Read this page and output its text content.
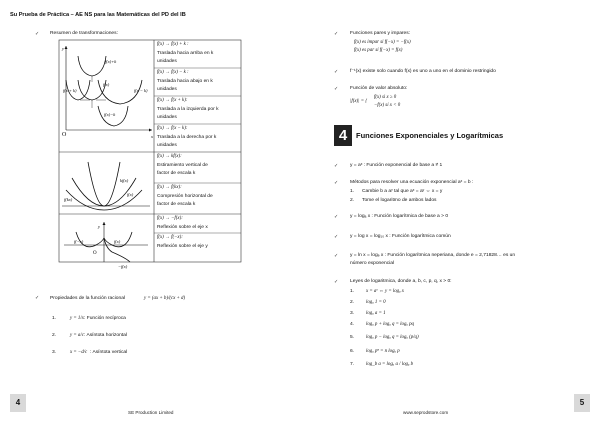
Su Prueba de Práctica – AE NS para las Matemáticas del PD del IB
✓ Resumen de transformaciones:
f(x)+k
f(x)
f(x + k)	f(x − k)
f(x)−k
O	x
y
kf(x)
f(x)
f(kx)
f(−x)	f(x)
−f(x)
O
y
f(x) → f(x) + k :
Traslada hacia arriba en k
unidades
f(x) → f(x) − k :
Traslada hacia abajo en k
unidades
f(x) → f(x + k):
Traslada a la izquierda por k
unidades
f(x) → f(x − k):
Traslada a la derecha por k
unidades
f(x) → kf(x):
Estiramiento vertical de
factor de escala k
f(x) → f(kx):
Compresión horizontal de
factor de escala k
f(x) → −f(x):
Reflexión sobre el eje x
f(x) → f(−x):
Reflexión sobre el eje y
✓ Propiedades de la función racional	y = (ax + b)/(cx + d)
1.	y = 1/x : Función recíproca
2.	y = a/c : Asíntota horizontal
3.	x = −d/c : Asíntota vertical
4
SE Production Limited
✓ Funciones pares y impares:
f(x) es impar si f(−x) = −f(x)
f(x) es par si f(−x) = f(x)
✓ f⁻¹(x) existe solo cuando f(x) es uno a uno en el dominio restringido
✓ Función de valor absoluto:
|f(x)| = {
f(x) si x ≥ 0
−f(x) si x < 0
4	Funciones Exponenciales y Logarítmicas
✓ y = aˣ : Función exponencial de base a ≠ 1
✓ Métodos para resolver una ecuación exponencial aˣ = b :
1. Cambie b a aʸ tal que aˣ = aʸ ⇔ x = y
2. Tome el logaritmo de ambos lados
✓ y = logₐ x : Función logarítmica de base a > 0
✓ y = log x = log₁₀ x : Función logarítmica común
✓ y = ln x = logₑ x : Función logarítmica neperiana, donde e = 2,71828… es un
número exponencial
✓ Leyes de logaritmica, donde a, b, c, p, q, x > 0:
1. x = aʸ ⇔ y = logₐ x
2. logₐ 1 = 0
3. logₐ a = 1
4. logₐ p + logₐ q = logₐ pq
5. logₐ p − logₐ q = logₐ (p/q)
6. logₐ pⁿ = n logₐ p
7. log_b a = logₐ a / logₐ b
www.seprodstore.com
5
